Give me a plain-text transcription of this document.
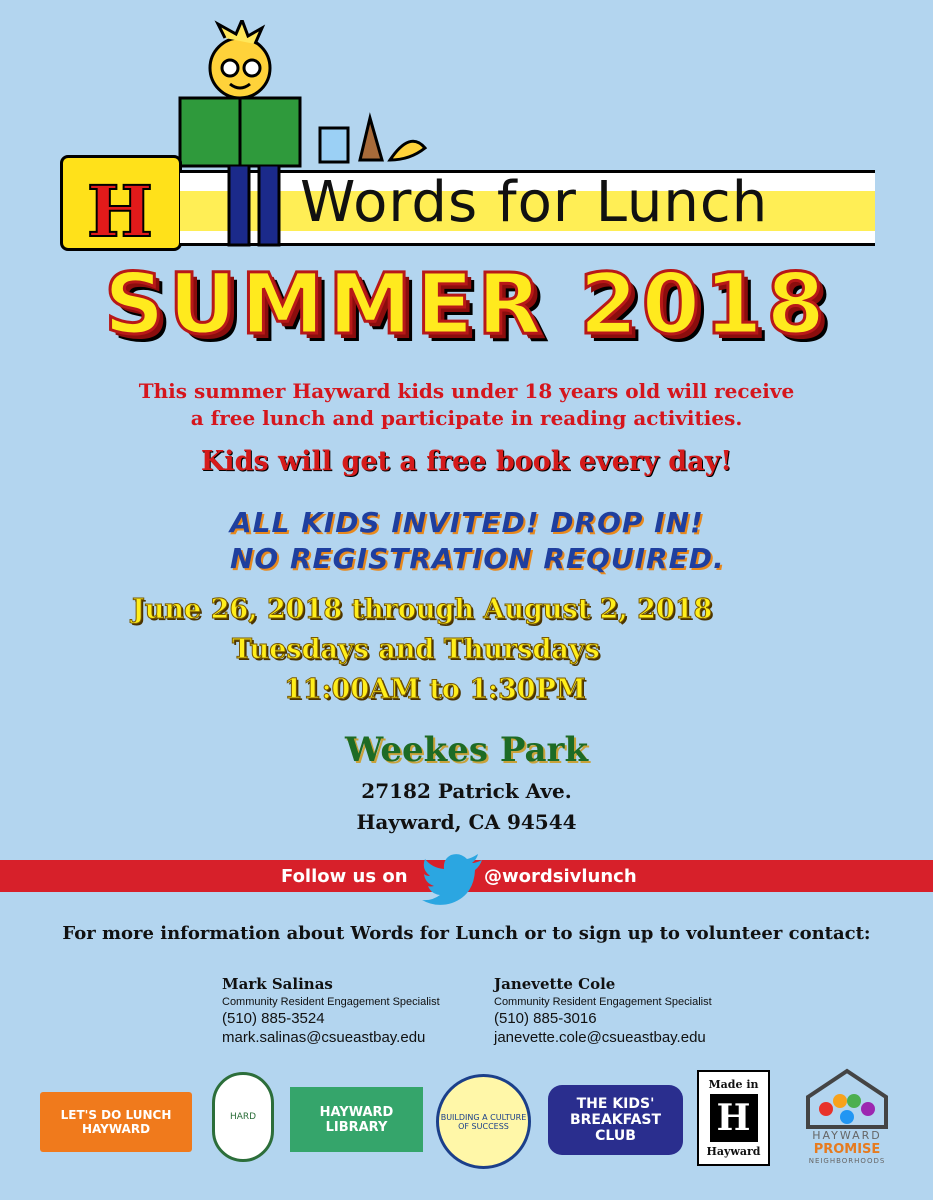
H	Words for Lunch
SUMMER 2018
This summer Hayward kids under 18 years old will receive
a free lunch and participate in reading activities.
Kids will get a free book every day!
ALL KIDS INVITED! DROP IN!
NO REGISTRATION REQUIRED.
June 26, 2018 through August 2, 2018
Tuesdays and Thursdays
11:00AM to 1:30PM
Weekes Park
27182 Patrick Ave.
Hayward, CA 94544
Follow us on	@wordsivlunch
For more information about Words for Lunch or to sign up to volunteer contact:
Mark Salinas
Community Resident Engagement Specialist
(510) 885-3524
mark.salinas@csueastbay.edu
Janevette Cole
Community Resident Engagement Specialist
(510) 885-3016
janevette.cole@csueastbay.edu
LET'S DO LUNCH HAYWARD
HARD	HAYWARD LIBRARY
BUILDING A CULTURE OF SUCCESS
THE KIDS' BREAKFAST CLUB
Made in
H
Hayward
HAYWARD
PROMISE
NEIGHBORHOODS
